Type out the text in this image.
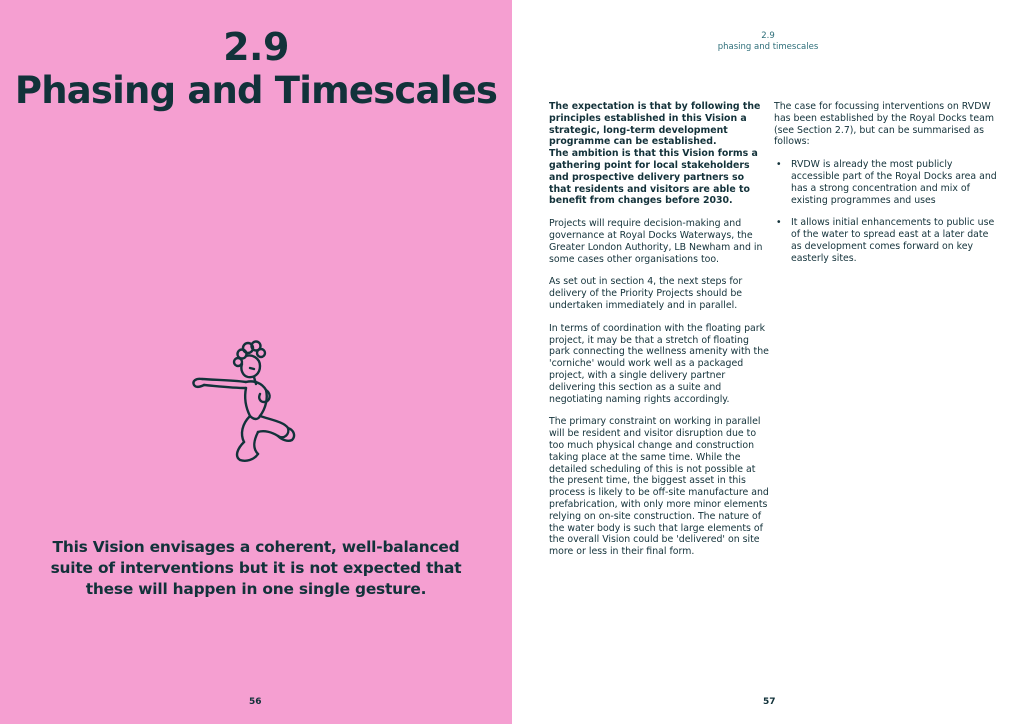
2.9
Phasing and Timescales
This Vision envisages a coherent, well-balanced suite of interventions but it is not expected that these will happen in one single gesture.
56
2.9
phasing and timescales

The expectation is that by following the principles established in this Vision a strategic, long-term development programme can be established.

The ambition is that this Vision forms a gathering point for local stakeholders and prospective delivery partners so that residents and visitors are able to benefit from changes before 2030.

Projects will require decision-making and governance at Royal Docks Waterways, the Greater London Authority, LB Newham and in some cases other organisations too.

As set out in section 4, the next steps for delivery of the Priority Projects should be undertaken immediately and in parallel.

In terms of coordination with the floating park project, it may be that a stretch of floating park connecting the wellness amenity with the 'corniche' would work well as a packaged project, with a single delivery partner delivering this section as a suite and negotiating naming rights accordingly.

The primary constraint on working in parallel will be resident and visitor disruption due to too much physical change and construction taking place at the same time. While the detailed scheduling of this is not possible at the present time, the biggest asset in this process is likely to be off-site manufacture and prefabrication, with only more minor elements relying on on-site construction. The nature of the water body is such that large elements of the overall Vision could be 'delivered' on site more or less in their final form.

The case for focussing interventions on RVDW has been established by the Royal Docks team (see Section 2.7), but can be summarised as follows:

• RVDW is already the most publicly accessible part of the Royal Docks area and has a strong concentration and mix of existing programmes and uses
• It allows initial enhancements to public use of the water to spread east at a later date as development comes forward on key easterly sites.
57
